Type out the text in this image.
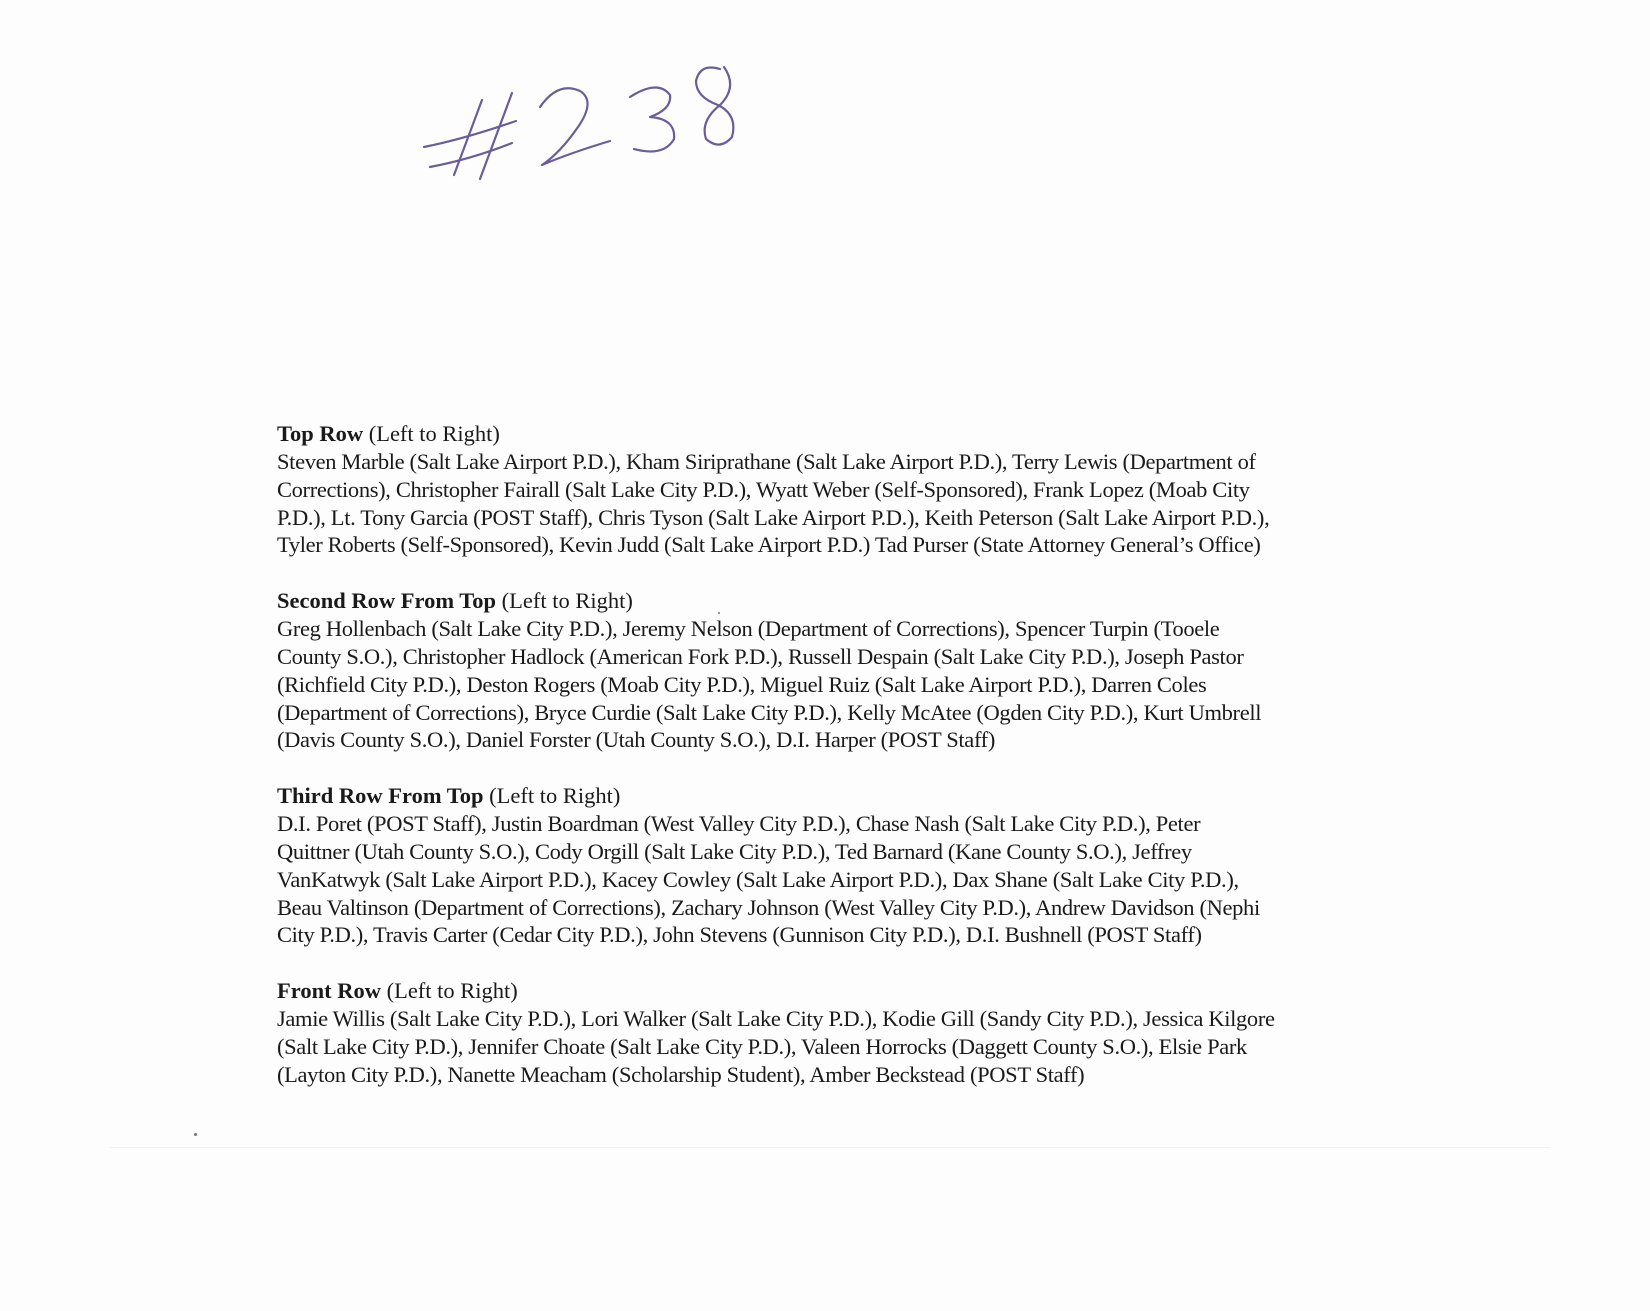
Top Row (Left to Right)

Steven Marble (Salt Lake Airport P.D.), Kham Siriprathane (Salt Lake Airport P.D.), Terry Lewis (Department of
Corrections), Christopher Fairall (Salt Lake City P.D.), Wyatt Weber (Self-Sponsored), Frank Lopez (Moab City
P.D.), Lt. Tony Garcia (POST Staff), Chris Tyson (Salt Lake Airport P.D.), Keith Peterson (Salt Lake Airport P.D.),
Tyler Roberts (Self-Sponsored), Kevin Judd (Salt Lake Airport P.D.) Tad Purser (State Attorney General’s Office)

Second Row From Top (Left to Right)

Greg Hollenbach (Salt Lake City P.D.), Jeremy Nelson (Department of Corrections), Spencer Turpin (Tooele
County S.O.), Christopher Hadlock (American Fork P.D.), Russell Despain (Salt Lake City P.D.), Joseph Pastor
(Richfield City P.D.), Deston Rogers (Moab City P.D.), Miguel Ruiz (Salt Lake Airport P.D.), Darren Coles
(Department of Corrections), Bryce Curdie (Salt Lake City P.D.), Kelly McAtee (Ogden City P.D.), Kurt Umbrell
(Davis County S.O.), Daniel Forster (Utah County S.O.), D.I. Harper (POST Staff)

Third Row From Top (Left to Right)

D.I. Poret (POST Staff), Justin Boardman (West Valley City P.D.), Chase Nash (Salt Lake City P.D.), Peter
Quittner (Utah County S.O.), Cody Orgill (Salt Lake City P.D.), Ted Barnard (Kane County S.O.), Jeffrey
VanKatwyk (Salt Lake Airport P.D.), Kacey Cowley (Salt Lake Airport P.D.), Dax Shane (Salt Lake City P.D.),
Beau Valtinson (Department of Corrections), Zachary Johnson (West Valley City P.D.), Andrew Davidson (Nephi
City P.D.), Travis Carter (Cedar City P.D.), John Stevens (Gunnison City P.D.), D.I. Bushnell (POST Staff)

Front Row (Left to Right)

Jamie Willis (Salt Lake City P.D.), Lori Walker (Salt Lake City P.D.), Kodie Gill (Sandy City P.D.), Jessica Kilgore
(Salt Lake City P.D.), Jennifer Choate (Salt Lake City P.D.), Valeen Horrocks (Daggett County S.O.), Elsie Park
(Layton City P.D.), Nanette Meacham (Scholarship Student), Amber Beckstead (POST Staff)
